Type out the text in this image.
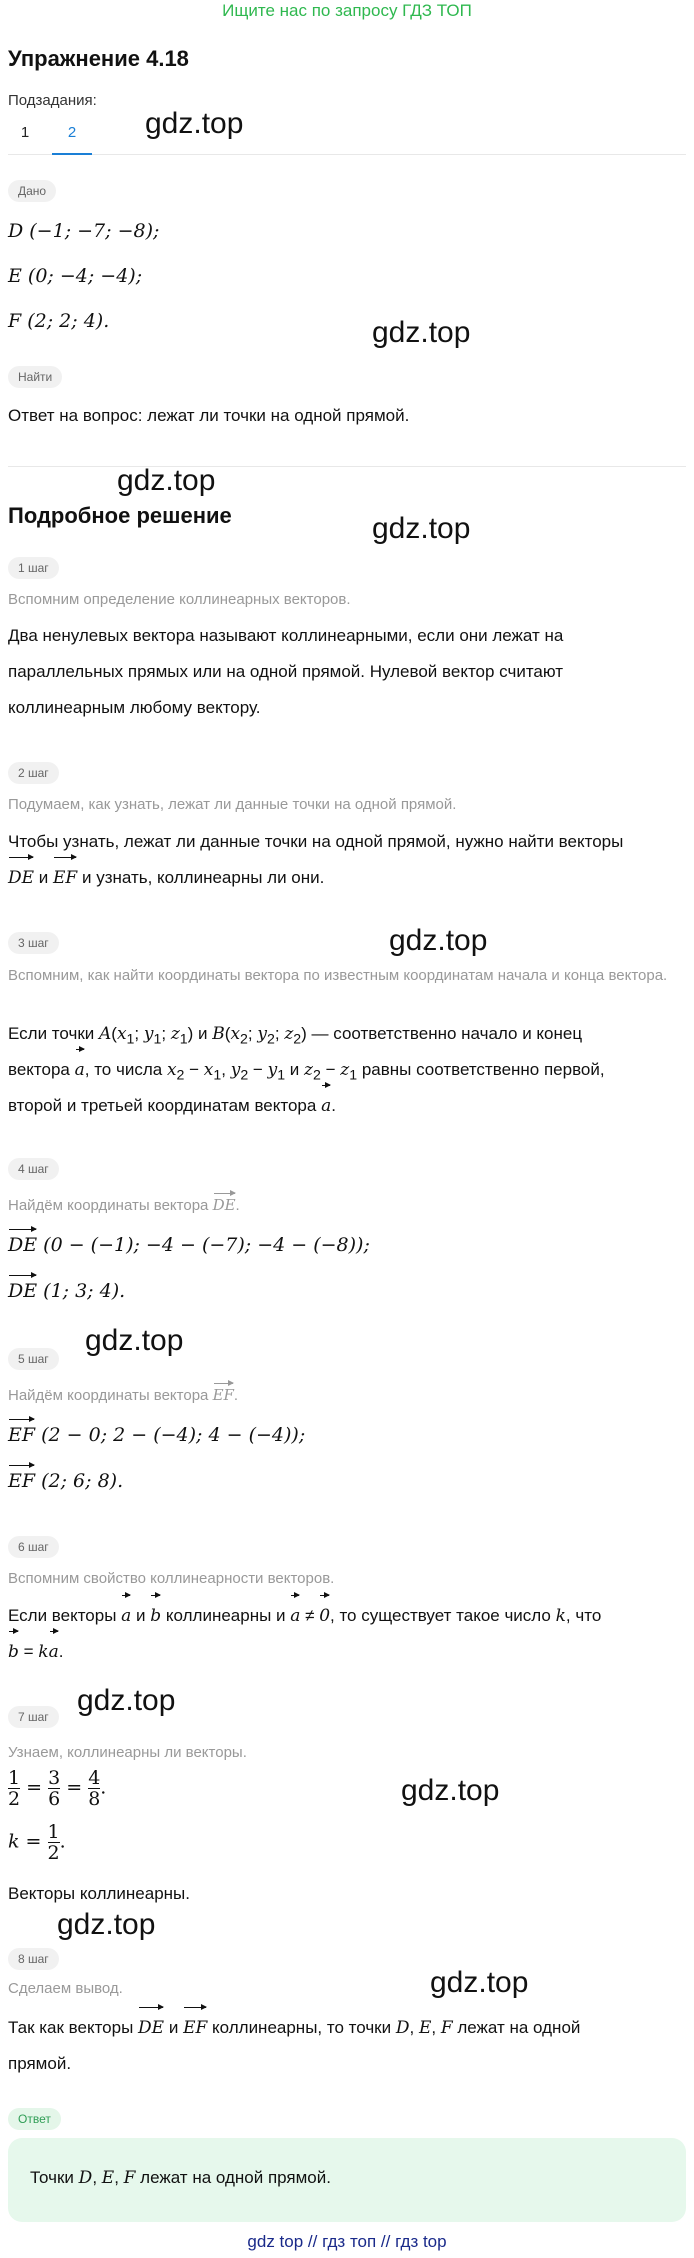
Ищите нас по запросу ГДЗ ТОП
Упражнение 4.18
Подзадания:
1	2	gdz.top
Дано
D (−1; −7; −8);
E (0; −4; −4);
F (2; 2; 4).	gdz.top
Найти
Ответ на вопрос: лежат ли точки на одной прямой.
gdz.top
Подробное решение	gdz.top
1 шаг
Вспомним определение коллинеарных векторов.
Два ненулевых вектора называют коллинеарными, если они лежат на
параллельных прямых или на одной прямой. Нулевой вектор считают
коллинеарным любому вектору.
2 шаг
Подумаем, как узнать, лежат ли данные точки на одной прямой.
Чтобы узнать, лежат ли данные точки на одной прямой, нужно найти векторы
DE и EF и узнать, коллинеарны ли они.
3 шаг	gdz.top
Вспомним, как найти координаты вектора по известным координатам начала и конца вектора.
Если точки $A(x_1$; $y_1$; $z_1$) и $B(x_2$; $y_2$; $z_2$) — соответственно начало и конец
вектора a, то числа $x_2 - x_1$, $y_2 - y_1$ и $z_2 - z_1$ равны соответственно первой,
второй и третьей координатам вектора a.
4 шаг
Найдём координаты вектора DE.
DE (0 − (−1); −4 − (−7); −4 − (−8));
DE (1; 3; 4).
5 шаг
gdz.top
Найдём координаты вектора EF.
EF (2 − 0; 2 − (−4); 4 − (−4));
EF (2; 6; 8).
6 шаг
Вспомним свойство коллинеарности векторов.
Если векторы a и b коллинеарны и a ≠ 0, то существует такое число k, что
b = ka.
7 шаг gdz.top
Узнаем, коллинеарны ли векторы.
$\frac{1}{2} = \frac{3}{6} = \frac{4}{8}$ .
$k = \frac{1}{2}$ .
gdz.top
Векторы коллинеарны.
gdz.top
8 шаг
gdz.top
Сделаем вывод.
Так как векторы DE и EF коллинеарны, то точки D, E, F лежат на одной
прямой.
Ответ
Точки D, E, F лежат на одной прямой.
gdz top // гдз топ // гдз top
